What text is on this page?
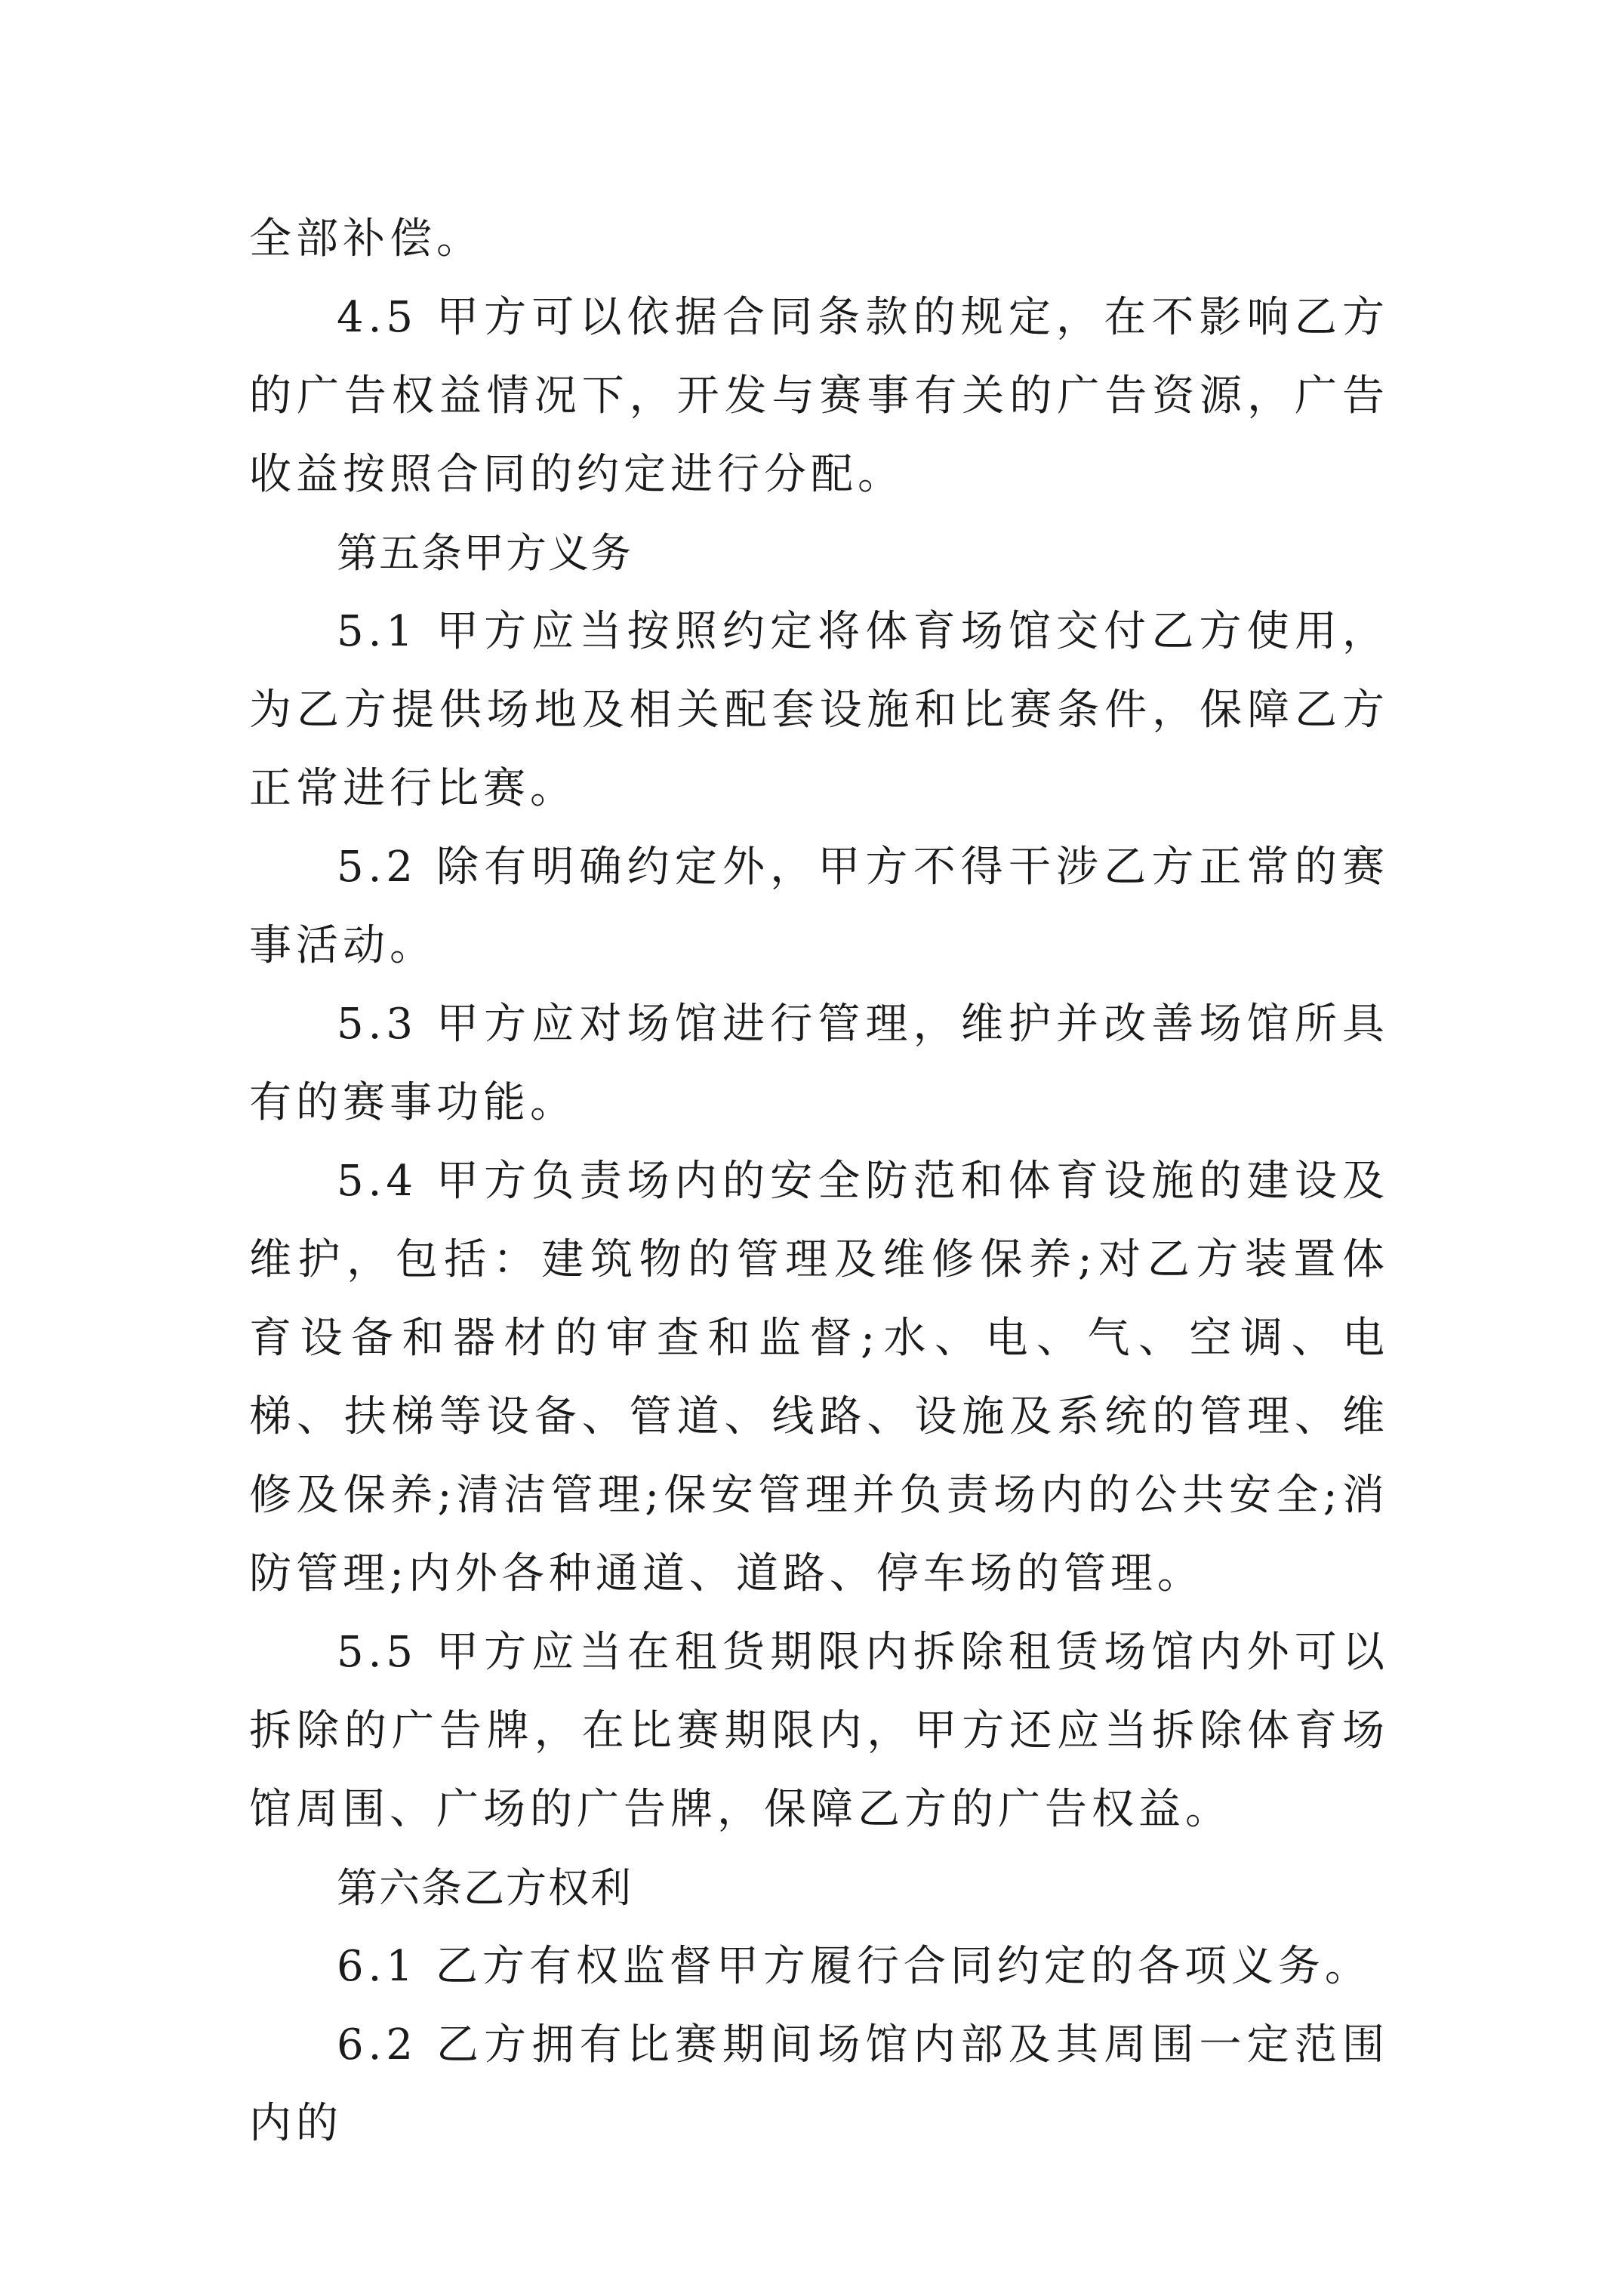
全部补偿。

4.5 甲方可以依据合同条款的规定，在不影响乙方的广告权益情况下，开发与赛事有关的广告资源，广告收益按照合同的约定进行分配。

第五条甲方义务

5.1 甲方应当按照约定将体育场馆交付乙方使用，为乙方提供场地及相关配套设施和比赛条件，保障乙方正常进行比赛。

5.2 除有明确约定外，甲方不得干涉乙方正常的赛事活动。

5.3 甲方应对场馆进行管理，维护并改善场馆所具有的赛事功能。

5.4 甲方负责场内的安全防范和体育设施的建设及维护，包括：建筑物的管理及维修保养;对乙方装置体育设备和器材的审查和监督;水、电、气、空调、电梯、扶梯等设备、管道、线路、设施及系统的管理、维修及保养;清洁管理;保安管理并负责场内的公共安全;消防管理;内外各种通道、道路、停车场的管理。

5.5 甲方应当在租货期限内拆除租赁场馆内外可以拆除的广告牌，在比赛期限内，甲方还应当拆除体育场馆周围、广场的广告牌，保障乙方的广告权益。

第六条乙方权利

6.1 乙方有权监督甲方履行合同约定的各项义务。

6.2 乙方拥有比赛期间场馆内部及其周围一定范围内的
